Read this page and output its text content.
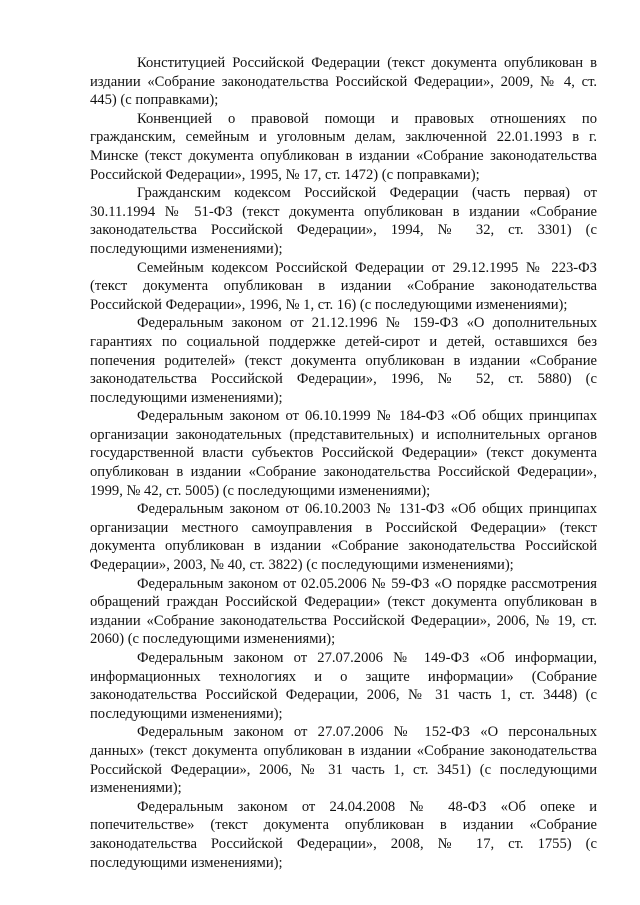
Конституцией Российской Федерации (текст документа опубликован в издании «Собрание законодательства Российской Федерации», 2009, № 4, ст. 445) (с поправками);

Конвенцией о правовой помощи и правовых отношениях по гражданским, семейным и уголовным делам, заключенной 22.01.1993 в г. Минске (текст документа опубликован в издании «Собрание законодательства Российской Федерации», 1995, № 17, ст. 1472) (с поправками);

Гражданским кодексом Российской Федерации (часть первая) от 30.11.1994 № 51-ФЗ (текст документа опубликован в издании «Собрание законодательства Российской Федерации», 1994, № 32, ст. 3301) (с последующими изменениями);

Семейным кодексом Российской Федерации от 29.12.1995 № 223-ФЗ (текст документа опубликован в издании «Собрание законодательства Российской Федерации», 1996, № 1, ст. 16) (с последующими изменениями);

Федеральным законом от 21.12.1996 № 159-ФЗ «О дополнительных гарантиях по социальной поддержке детей-сирот и детей, оставшихся без попечения родителей» (текст документа опубликован в издании «Собрание законодательства Российской Федерации», 1996, № 52, ст. 5880) (с последующими изменениями);

Федеральным законом от 06.10.1999 № 184-ФЗ «Об общих принципах организации законодательных (представительных) и исполнительных органов государственной власти субъектов Российской Федерации» (текст документа опубликован в издании «Собрание законодательства Российской Федерации», 1999, № 42, ст. 5005) (с последующими изменениями);

Федеральным законом от 06.10.2003 № 131-ФЗ «Об общих принципах организации местного самоуправления в Российской Федерации» (текст документа опубликован в издании «Собрание законодательства Российской Федерации», 2003, № 40, ст. 3822) (с последующими изменениями);

Федеральным законом от 02.05.2006 № 59-ФЗ «О порядке рассмотрения обращений граждан Российской Федерации» (текст документа опубликован в издании «Собрание законодательства Российской Федерации», 2006, № 19, ст. 2060) (с последующими изменениями);

Федеральным законом от 27.07.2006 № 149-ФЗ «Об информации, информационных технологиях и о защите информации» (Собрание законодательства Российской Федерации, 2006, № 31 часть 1, ст. 3448) (с последующими изменениями);

Федеральным законом от 27.07.2006 № 152-ФЗ «О персональных данных» (текст документа опубликован в издании «Собрание законодательства Российской Федерации», 2006, № 31 часть 1, ст. 3451) (с последующими изменениями);

Федеральным законом от 24.04.2008 № 48-ФЗ «Об опеке и попечительстве» (текст документа опубликован в издании «Собрание законодательства Российской Федерации», 2008, № 17, ст. 1755) (с последующими изменениями);
